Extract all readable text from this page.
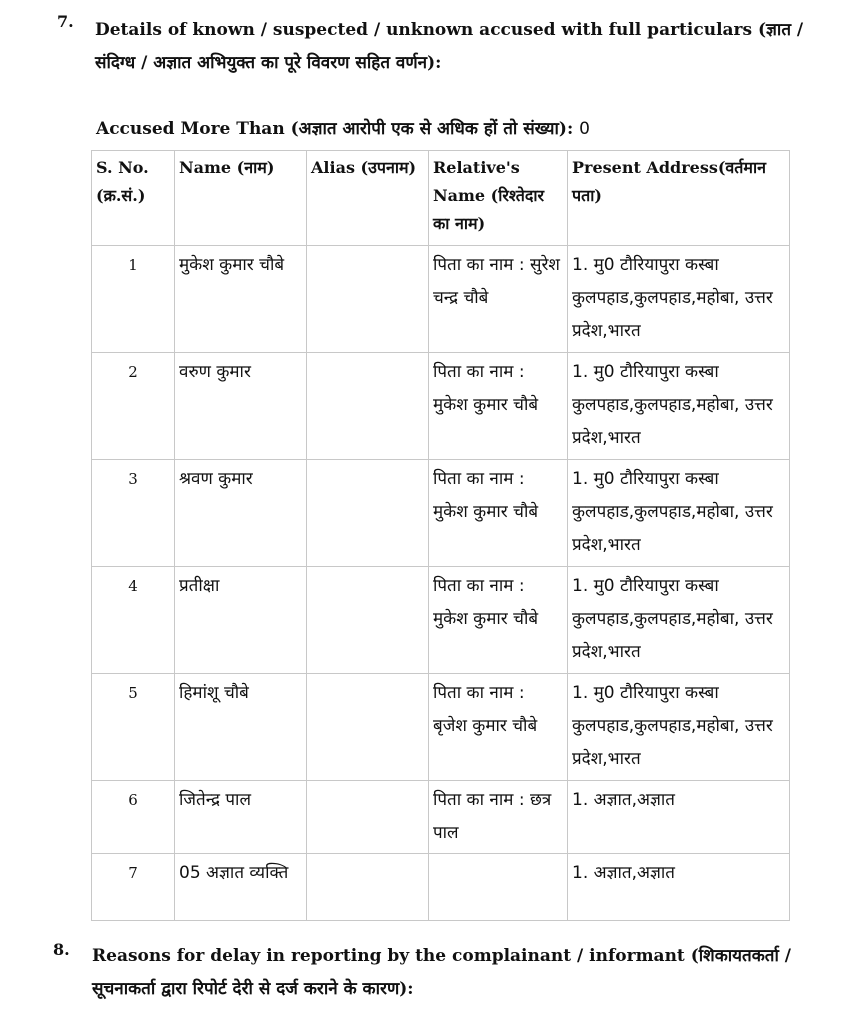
7. Details of known / suspected / unknown accused with full particulars (ज्ञात /
संदिग्ध / अज्ञात अभियुक्त का पूरे विवरण सहित वर्णन):
Accused More Than (अज्ञात आरोपी एक से अधिक हों तो संख्या): 0
S. No. (क्र.सं.)	Name (नाम)	Alias (उपनाम)	Relative's Name (रिश्तेदार का नाम)	Present Address(वर्तमान पता)
1	मुकेश कुमार चौबे		पिता का नाम : सुरेश चन्द्र चौबे	1. मु0 टौरियापुरा कस्बा कुलपहाड,कुलपहाड,महोबा, उत्तर प्रदेश,भारत
2	वरुण कुमार		पिता का नाम : मुकेश कुमार चौबे	1. मु0 टौरियापुरा कस्बा कुलपहाड,कुलपहाड,महोबा, उत्तर प्रदेश,भारत
3	श्रवण कुमार		पिता का नाम : मुकेश कुमार चौबे	1. मु0 टौरियापुरा कस्बा कुलपहाड,कुलपहाड,महोबा, उत्तर प्रदेश,भारत
4	प्रतीक्षा		पिता का नाम : मुकेश कुमार चौबे	1. मु0 टौरियापुरा कस्बा कुलपहाड,कुलपहाड,महोबा, उत्तर प्रदेश,भारत
5	हिमांशू चौबे		पिता का नाम : बृजेश कुमार चौबे	1. मु0 टौरियापुरा कस्बा कुलपहाड,कुलपहाड,महोबा, उत्तर प्रदेश,भारत
6	जितेन्द्र पाल		पिता का नाम : छत्र पाल	1. अज्ञात,अज्ञात
7	05 अज्ञात व्यक्ति			1. अज्ञात,अज्ञात
8. Reasons for delay in reporting by the complainant / informant (शिकायतकर्ता /
सूचनाकर्ता द्वारा रिपोर्ट देरी से दर्ज कराने के कारण):
